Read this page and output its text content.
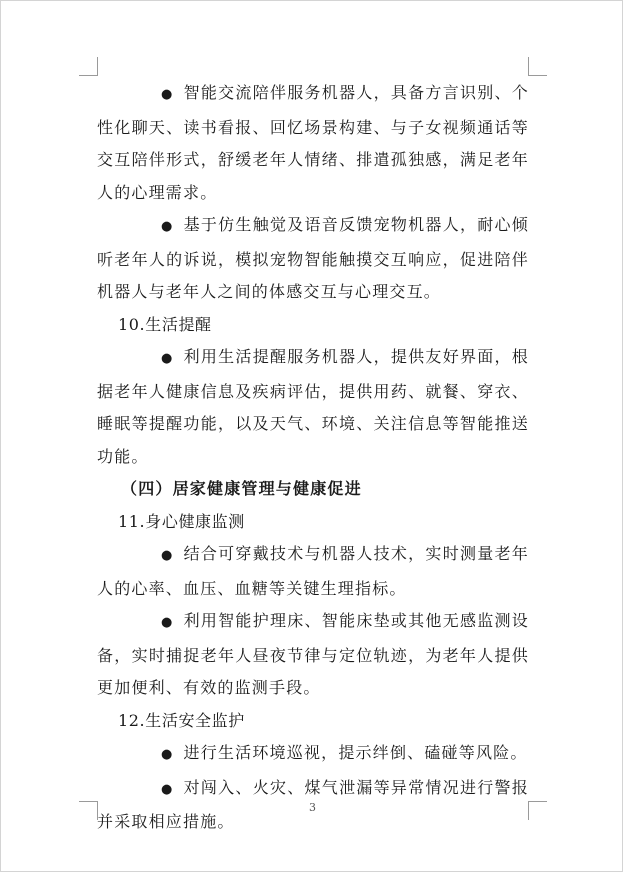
● 智能交流陪伴服务机器人，具备方言识别、个性化聊天、读书看报、回忆场景构建、与子女视频通话等交互陪伴形式，舒缓老年人情绪、排遣孤独感，满足老年人的心理需求。

● 基于仿生触觉及语音反馈宠物机器人，耐心倾听老年人的诉说，模拟宠物智能触摸交互响应，促进陪伴机器人与老年人之间的体感交互与心理交互。

10.生活提醒

● 利用生活提醒服务机器人，提供友好界面，根据老年人健康信息及疾病评估，提供用药、就餐、穿衣、睡眠等提醒功能，以及天气、环境、关注信息等智能推送功能。

（四）居家健康管理与健康促进

11.身心健康监测

● 结合可穿戴技术与机器人技术，实时测量老年人的心率、血压、血糖等关键生理指标。

● 利用智能护理床、智能床垫或其他无感监测设备，实时捕捉老年人昼夜节律与定位轨迹，为老年人提供更加便利、有效的监测手段。

12.生活安全监护

● 进行生活环境巡视，提示绊倒、磕碰等风险。

● 对闯入、火灾、煤气泄漏等异常情况进行警报并采取相应措施。

3
